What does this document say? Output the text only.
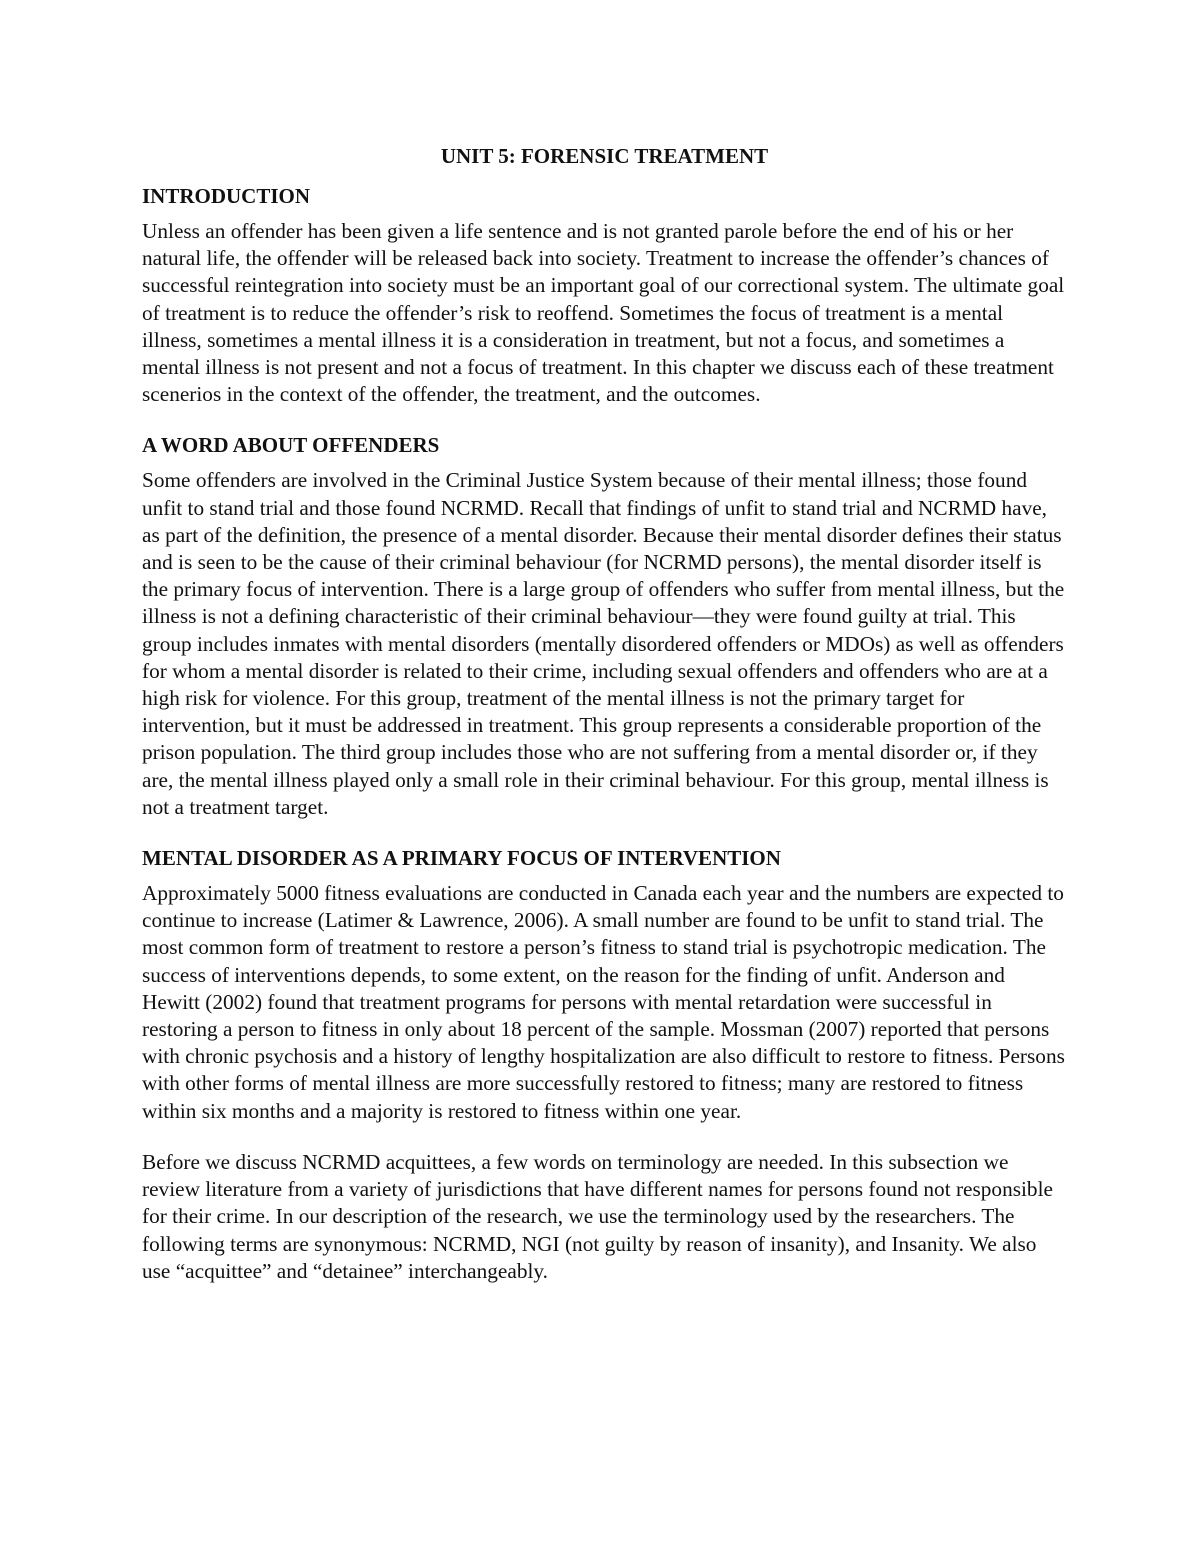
UNIT 5: FORENSIC TREATMENT
INTRODUCTION

Unless an offender has been given a life sentence and is not granted parole before the end of his or her natural life, the offender will be released back into society. Treatment to increase the offender’s chances of successful reintegration into society must be an important goal of our correctional system. The ultimate goal of treatment is to reduce the offender’s risk to reoffend. Sometimes the focus of treatment is a mental illness, sometimes a mental illness it is a consideration in treatment, but not a focus, and sometimes a mental illness is not present and not a focus of treatment. In this chapter we discuss each of these treatment scenerios in the context of the offender, the treatment, and the outcomes.

A WORD ABOUT OFFENDERS

Some offenders are involved in the Criminal Justice System because of their mental illness; those found unfit to stand trial and those found NCRMD. Recall that findings of unfit to stand trial and NCRMD have, as part of the definition, the presence of a mental disorder. Because their mental disorder defines their status and is seen to be the cause of their criminal behaviour (for NCRMD persons), the mental disorder itself is the primary focus of intervention. There is a large group of offenders who suffer from mental illness, but the illness is not a defining characteristic of their criminal behaviour—they were found guilty at trial. This group includes inmates with mental disorders (mentally disordered offenders or MDOs) as well as offenders for whom a mental disorder is related to their crime, including sexual offenders and offenders who are at a high risk for violence. For this group, treatment of the mental illness is not the primary target for intervention, but it must be addressed in treatment. This group represents a considerable proportion of the prison population. The third group includes those who are not suffering from a mental disorder or, if they are, the mental illness played only a small role in their criminal behaviour. For this group, mental illness is not a treatment target.

MENTAL DISORDER AS A PRIMARY FOCUS OF INTERVENTION

Approximately 5000 fitness evaluations are conducted in Canada each year and the numbers are expected to continue to increase (Latimer & Lawrence, 2006). A small number are found to be unfit to stand trial. The most common form of treatment to restore a person’s fitness to stand trial is psychotropic medication. The success of interventions depends, to some extent, on the reason for the finding of unfit. Anderson and Hewitt (2002) found that treatment programs for persons with mental retardation were successful in restoring a person to fitness in only about 18 percent of the sample. Mossman (2007) reported that persons with chronic psychosis and a history of lengthy hospitalization are also difficult to restore to fitness. Persons with other forms of mental illness are more successfully restored to fitness; many are restored to fitness within six months and a majority is restored to fitness within one year.

Before we discuss NCRMD acquittees, a few words on terminology are needed. In this subsection we review literature from a variety of jurisdictions that have different names for persons found not responsible for their crime. In our description of the research, we use the terminology used by the researchers. The following terms are synonymous: NCRMD, NGI (not guilty by reason of insanity), and Insanity. We also use “acquittee” and “detainee” interchangeably.
